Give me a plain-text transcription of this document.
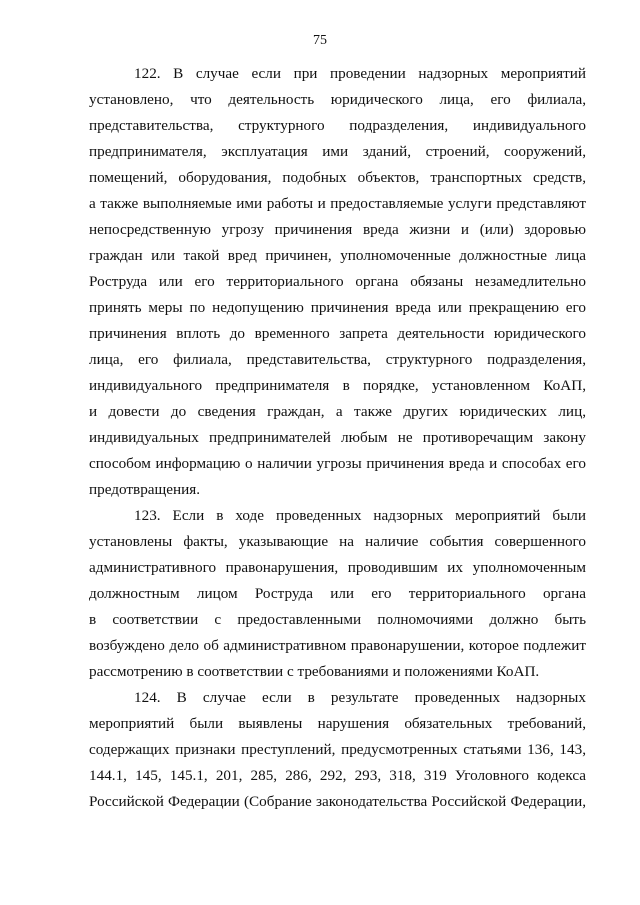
75
122. В случае если при проведении надзорных мероприятий
установлено, что деятельность юридического лица, его филиала,
представительства, структурного подразделения, индивидуального
предпринимателя, эксплуатация ими зданий, строений, сооружений,
помещений, оборудования, подобных объектов, транспортных средств,
а также выполняемые ими работы и предоставляемые услуги представляют
непосредственную угрозу причинения вреда жизни и (или) здоровью
граждан или такой вред причинен, уполномоченные должностные лица
Роструда или его территориального органа обязаны незамедлительно
принять меры по недопущению причинения вреда или прекращению его
причинения вплоть до временного запрета деятельности юридического
лица, его филиала, представительства, структурного подразделения,
индивидуального предпринимателя в порядке, установленном КоАП,
и довести до сведения граждан, а также других юридических лиц,
индивидуальных предпринимателей любым не противоречащим закону
способом информацию о наличии угрозы причинения вреда и способах его
предотвращения.
123. Если в ходе проведенных надзорных мероприятий были
установлены факты, указывающие на наличие события совершенного
административного правонарушения, проводившим их уполномоченным
должностным лицом Роструда или его территориального органа
в соответствии с предоставленными полномочиями должно быть
возбуждено дело об административном правонарушении, которое подлежит
рассмотрению в соответствии с требованиями и положениями КоАП.
124. В случае если в результате проведенных надзорных
мероприятий были выявлены нарушения обязательных требований,
содержащих признаки преступлений, предусмотренных статьями 136, 143,
144.1, 145, 145.1, 201, 285, 286, 292, 293, 318, 319 Уголовного кодекса
Российской Федерации (Собрание законодательства Российской Федерации,
